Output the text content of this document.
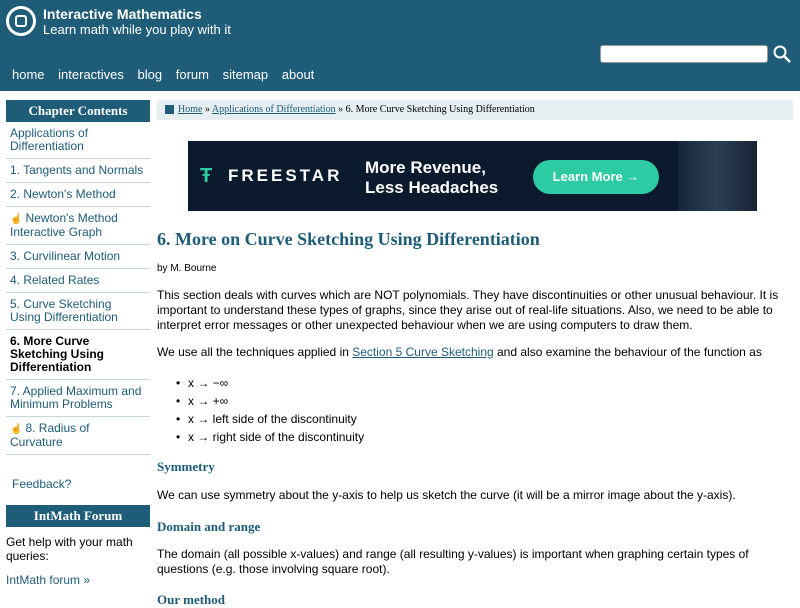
Interactive Mathematics
Learn math while you play with it
home interactives blog forum sitemap about
Chapter Contents
Applications of Differentiation
1. Tangents and Normals
2. Newton's Method
☝ Newton's Method Interactive Graph
3. Curvilinear Motion
4. Related Rates
5. Curve Sketching Using Differentiation
6. More Curve Sketching Using Differentiation
7. Applied Maximum and Minimum Problems
☝ 8. Radius of Curvature
Feedback?
IntMath Forum
Get help with your math queries:
IntMath forum »
Home » Applications of Differentiation » 6. More Curve Sketching Using Differentiation
Ŧ FREESTAR More Revenue,
Less Headaches
Learn More →
6. More on Curve Sketching Using Differentiation
by M. Bourne

This section deals with curves which are NOT polynomials. They have discontinuities or other unusual behaviour. It is important to understand these types of graphs, since they arise out of real-life situations. Also, we need to be able to interpret error messages or other unexpected behaviour when we are using computers to draw them.

We use all the techniques applied in Section 5 Curve Sketching and also examine the behaviour of the function as

• x → −∞
• x → +∞
• x → left side of the discontinuity
• x → right side of the discontinuity
Symmetry

We can use symmetry about the y-axis to help us sketch the curve (it will be a mirror image about the y-axis).

Domain and range

The domain (all possible x-values) and range (all resulting y-values) is important when graphing certain types of questions (e.g. those involving square root).

Our method
